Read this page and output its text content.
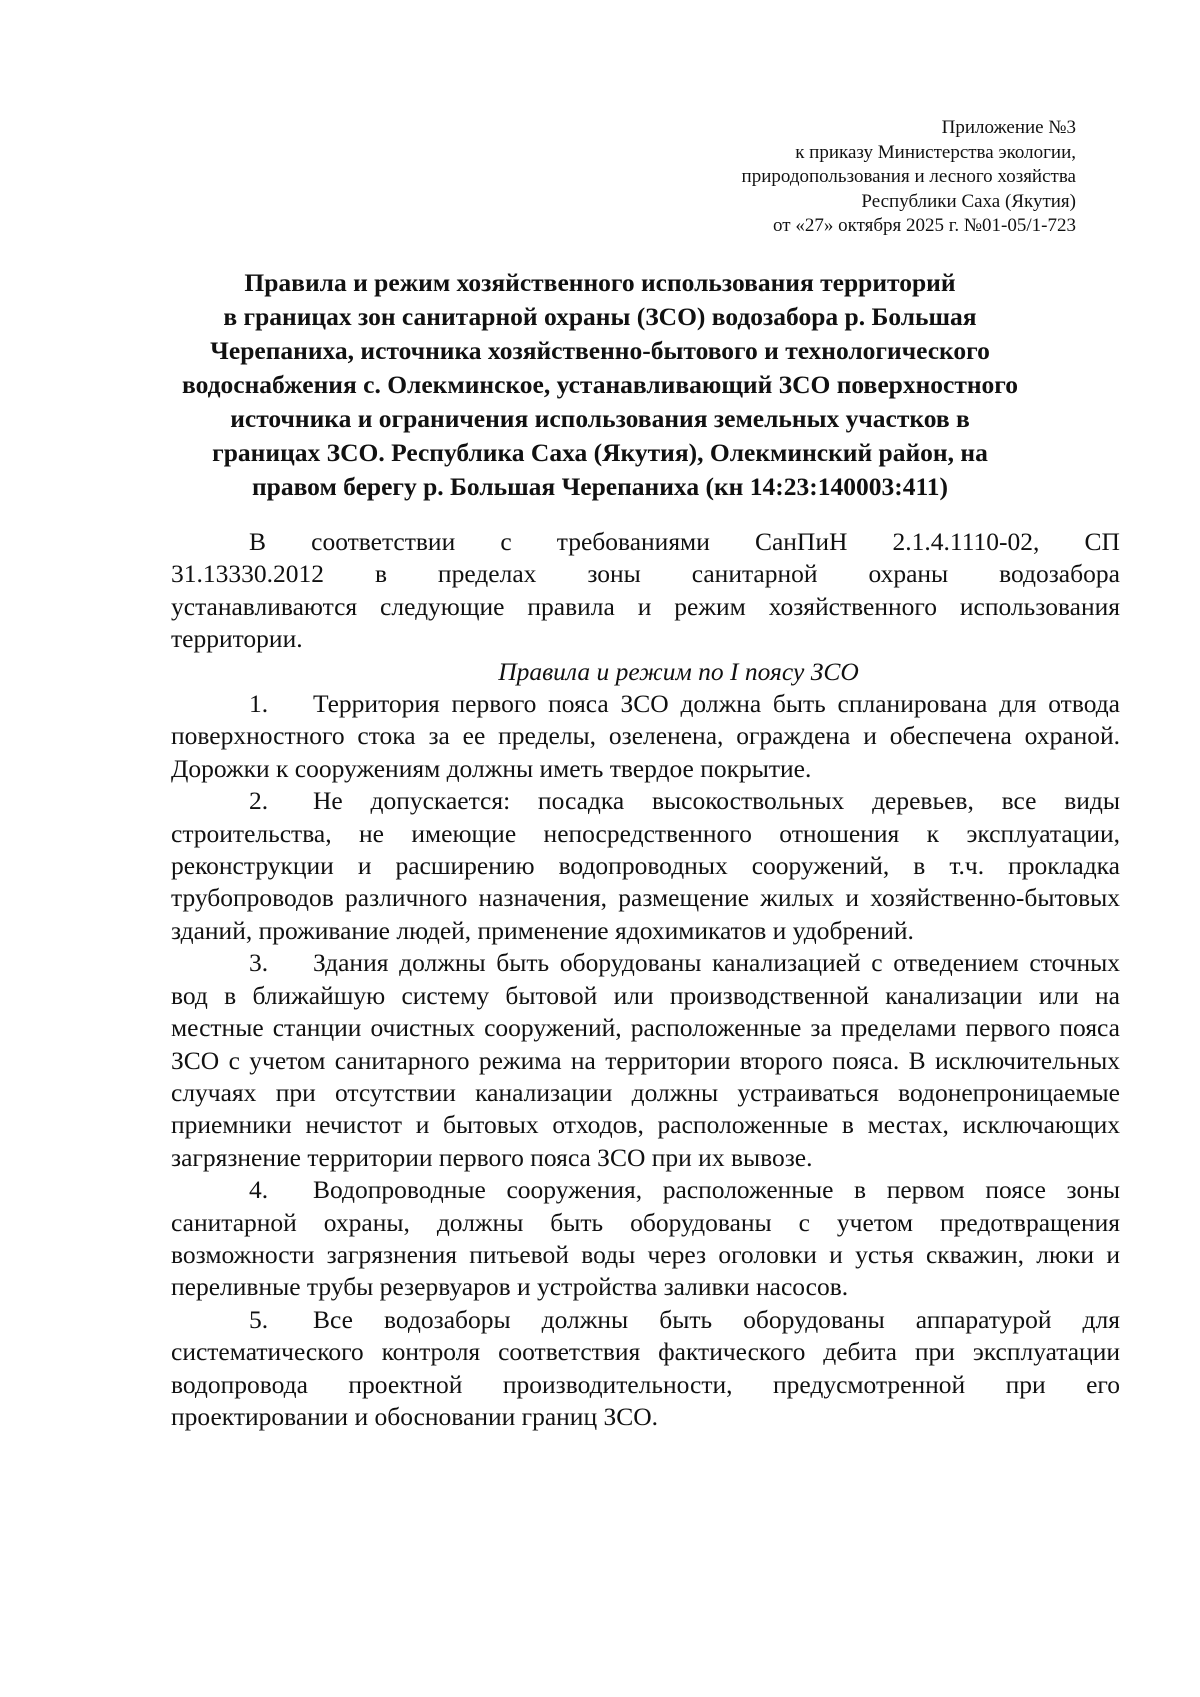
Приложение №3
к приказу Министерства экологии,
природопользования и лесного хозяйства
Республики Саха (Якутия)
от «27» октября 2025 г. №01-05/1-723
Правила и режим хозяйственного использования территорий
в границах зон санитарной охраны (ЗСО) водозабора р. Большая
Черепаниха, источника хозяйственно-бытового и технологического
водоснабжения с. Олекминское, устанавливающий ЗСО поверхностного
источника и ограничения использования земельных участков в
границах ЗСО. Республика Саха (Якутия), Олекминский район, на
правом берегу р. Большая Черепаниха (кн 14:23:140003:411)
В соответствии с требованиями СанПиН 2.1.4.1110-02, СП
31.13330.2012 в пределах зоны санитарной охраны водозабора

устанавливаются следующие правила и режим хозяйственного использования территории.

Правила и режим по I поясу ЗСО

1. Территория первого пояса ЗСО должна быть спланирована для отвода поверхностного стока за ее пределы, озеленена, ограждена и обеспечена охраной. Дорожки к сооружениям должны иметь твердое покрытие.

2. Не допускается: посадка высокоствольных деревьев, все виды строительства, не имеющие непосредственного отношения к эксплуатации, реконструкции и расширению водопроводных сооружений, в т.ч. прокладка трубопроводов различного назначения, размещение жилых и хозяйственно-бытовых зданий, проживание людей, применение ядохимикатов и удобрений.

3. Здания должны быть оборудованы канализацией с отведением сточных вод в ближайшую систему бытовой или производственной канализации или на местные станции очистных сооружений, расположенные за пределами первого пояса ЗСО с учетом санитарного режима на территории второго пояса. В исключительных случаях при отсутствии канализации должны устраиваться водонепроницаемые приемники нечистот и бытовых отходов, расположенные в местах, исключающих загрязнение территории первого пояса ЗСО при их вывозе.

4. Водопроводные сооружения, расположенные в первом поясе зоны санитарной охраны, должны быть оборудованы с учетом предотвращения возможности загрязнения питьевой воды через оголовки и устья скважин, люки и переливные трубы резервуаров и устройства заливки насосов.

5. Все водозаборы должны быть оборудованы аппаратурой для систематического контроля соответствия фактического дебита при эксплуатации водопровода проектной производительности, предусмотренной при его проектировании и обосновании границ ЗСО.
